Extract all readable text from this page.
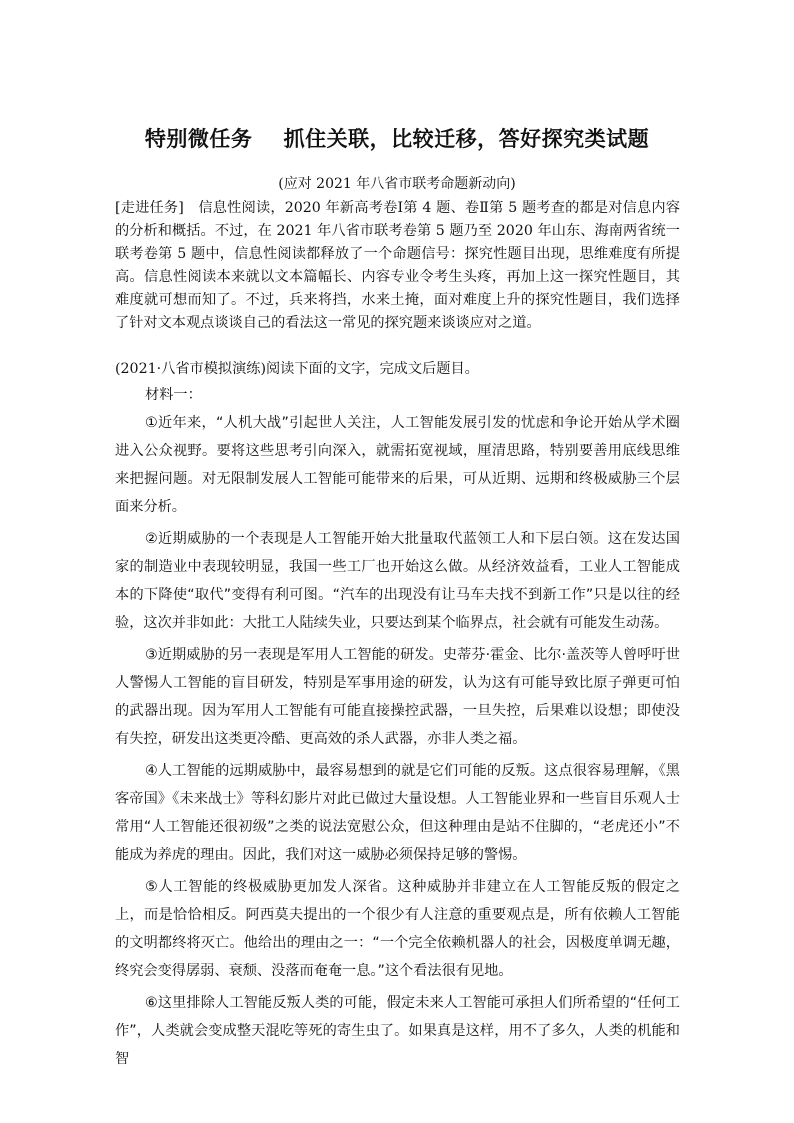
特别微任务    抓住关联，比较迁移，答好探究类试题
(应对 2021 年八省市联考命题新动向)

[走进任务]　信息性阅读，2020 年新高考卷Ⅰ第 4 题、卷Ⅱ第 5 题考查的都是对信息内容的分析和概括。不过，在 2021 年八省市联考卷第 5 题乃至 2020 年山东、海南两省统一联考卷第 5 题中，信息性阅读都释放了一个命题信号：探究性题目出现，思维难度有所提高。信息性阅读本来就以文本篇幅长、内容专业令考生头疼，再加上这一探究性题目，其难度就可想而知了。不过，兵来将挡，水来土掩，面对难度上升的探究性题目，我们选择了针对文本观点谈谈自己的看法这一常见的探究题来谈谈应对之道。

(2021·八省市模拟演练)阅读下面的文字，完成文后题目。

材料一：

①近年来，“人机大战”引起世人关注，人工智能发展引发的忧虑和争论开始从学术圈进入公众视野。要将这些思考引向深入，就需拓宽视域，厘清思路，特别要善用底线思维来把握问题。对无限制发展人工智能可能带来的后果，可从近期、远期和终极威胁三个层面来分析。

②近期威胁的一个表现是人工智能开始大批量取代蓝领工人和下层白领。这在发达国家的制造业中表现较明显，我国一些工厂也开始这么做。从经济效益看，工业人工智能成本的下降使“取代”变得有利可图。“汽车的出现没有让马车夫找不到新工作”只是以往的经验，这次并非如此：大批工人陆续失业，只要达到某个临界点，社会就有可能发生动荡。

③近期威胁的另一表现是军用人工智能的研发。史蒂芬·霍金、比尔·盖茨等人曾呼吁世人警惕人工智能的盲目研发，特别是军事用途的研发，认为这有可能导致比原子弹更可怕的武器出现。因为军用人工智能有可能直接操控武器，一旦失控，后果难以设想；即使没有失控，研发出这类更冷酷、更高效的杀人武器，亦非人类之福。

④人工智能的远期威胁中，最容易想到的就是它们可能的反叛。这点很容易理解，《黑客帝国》《未来战士》等科幻影片对此已做过大量设想。人工智能业界和一些盲目乐观人士常用“人工智能还很初级”之类的说法宽慰公众，但这种理由是站不住脚的，“老虎还小”不能成为养虎的理由。因此，我们对这一威胁必须保持足够的警惕。

⑤人工智能的终极威胁更加发人深省。这种威胁并非建立在人工智能反叛的假定之上，而是恰恰相反。阿西莫夫提出的一个很少有人注意的重要观点是，所有依赖人工智能的文明都终将灭亡。他给出的理由之一：“一个完全依赖机器人的社会，因极度单调无趣，终究会变得孱弱、衰颓、没落而奄奄一息。”这个看法很有见地。

⑥这里排除人工智能反叛人类的可能，假定未来人工智能可承担人们所希望的“任何工作”，人类就会变成整天混吃等死的寄生虫了。如果真是这样，用不了多久，人类的机能和智
